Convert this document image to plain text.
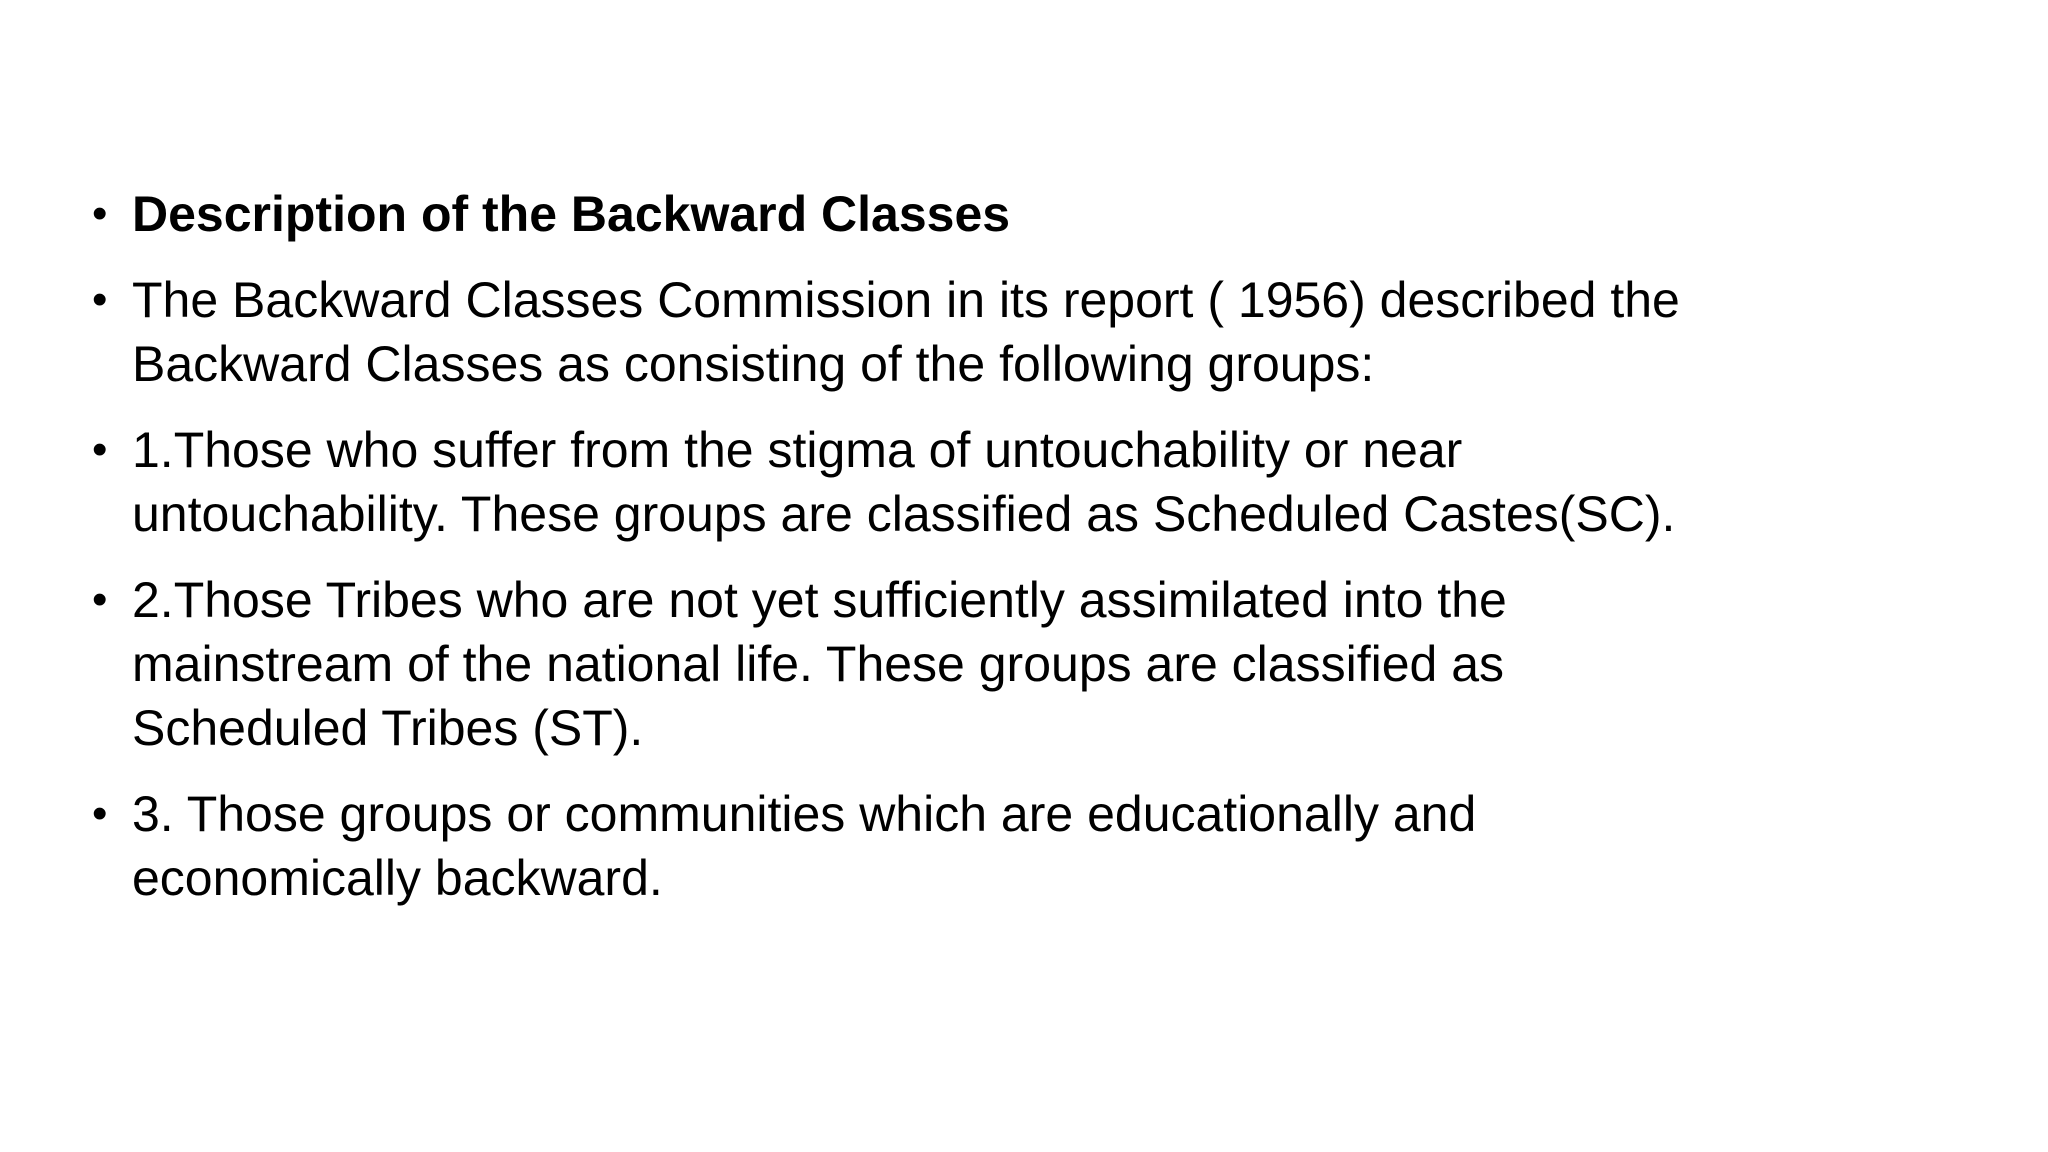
• Description of the Backward Classes
• The Backward Classes Commission in its report ( 1956) described the
Backward Classes as consisting of the following groups:
• 1.Those who suffer from the stigma of untouchability or near
untouchability. These groups are classified as Scheduled Castes(SC).
• 2.Those Tribes who are not yet sufficiently assimilated into the
mainstream of the national life. These groups are classified as
Scheduled Tribes (ST).
• 3. Those groups or communities which are educationally and
economically backward.
